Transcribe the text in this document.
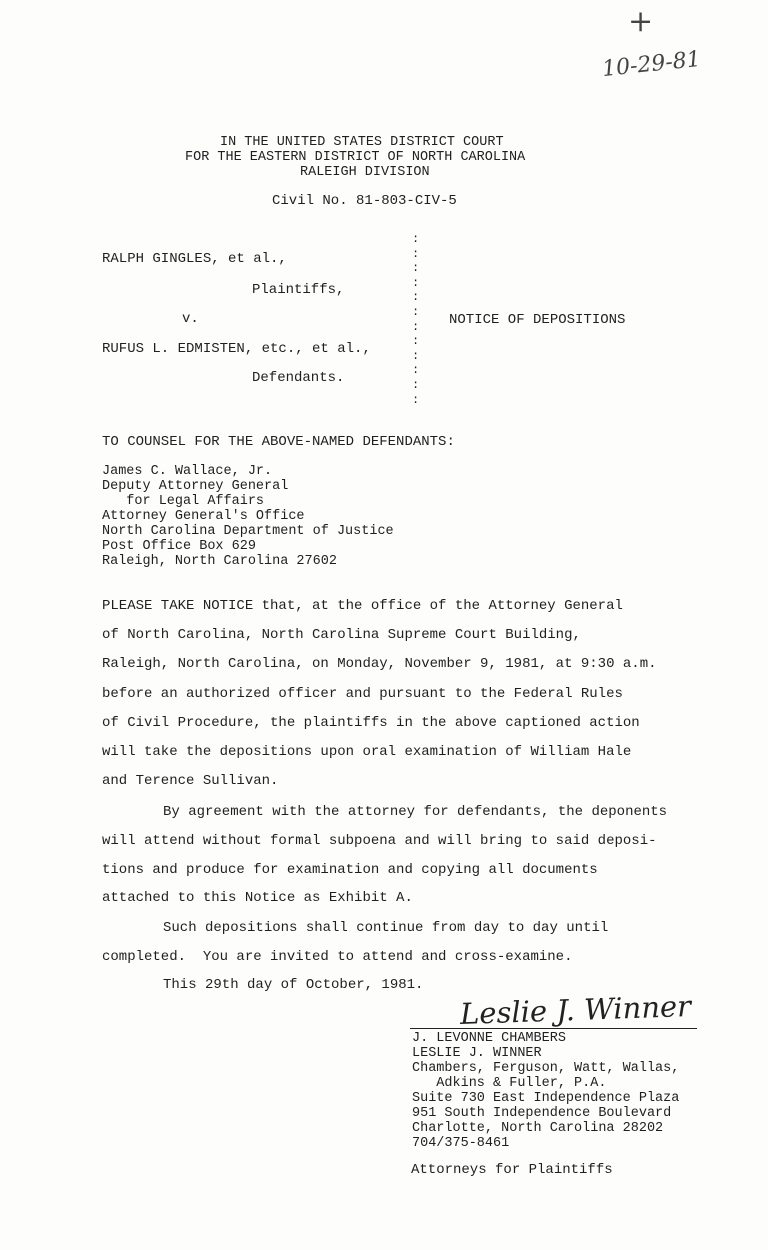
+
10-29-81
IN THE UNITED STATES DISTRICT COURT
FOR THE EASTERN DISTRICT OF NORTH CAROLINA
RALEIGH DIVISION
Civil No. 81-803-CIV-5
RALPH GINGLES, et al.,
Plaintiffs,
v.
RUFUS L. EDMISTEN, etc., et al.,
Defendants.
NOTICE OF DEPOSITIONS
:
:
:
:
:
:
:
:
:
:
:
:
TO COUNSEL FOR THE ABOVE-NAMED DEFENDANTS:
James C. Wallace, Jr.
Deputy Attorney General
for Legal Affairs
Attorney General's Office
North Carolina Department of Justice
Post Office Box 629
Raleigh, North Carolina 27602
PLEASE TAKE NOTICE that, at the office of the Attorney General
of North Carolina, North Carolina Supreme Court Building,
Raleigh, North Carolina, on Monday, November 9, 1981, at 9:30 a.m.
before an authorized officer and pursuant to the Federal Rules
of Civil Procedure, the plaintiffs in the above captioned action
will take the depositions upon oral examination of William Hale
and Terence Sullivan.
By agreement with the attorney for defendants, the deponents
will attend without formal subpoena and will bring to said deposi-
tions and produce for examination and copying all documents
attached to this Notice as Exhibit A.
Such depositions shall continue from day to day until
completed.  You are invited to attend and cross-examine.
This 29th day of October, 1981.
Leslie J. Winner
J. LEVONNE CHAMBERS
LESLIE J. WINNER
Chambers, Ferguson, Watt, Wallas,
Adkins & Fuller, P.A.
Suite 730 East Independence Plaza
951 South Independence Boulevard
Charlotte, North Carolina 28202
704/375-8461
Attorneys for Plaintiffs
